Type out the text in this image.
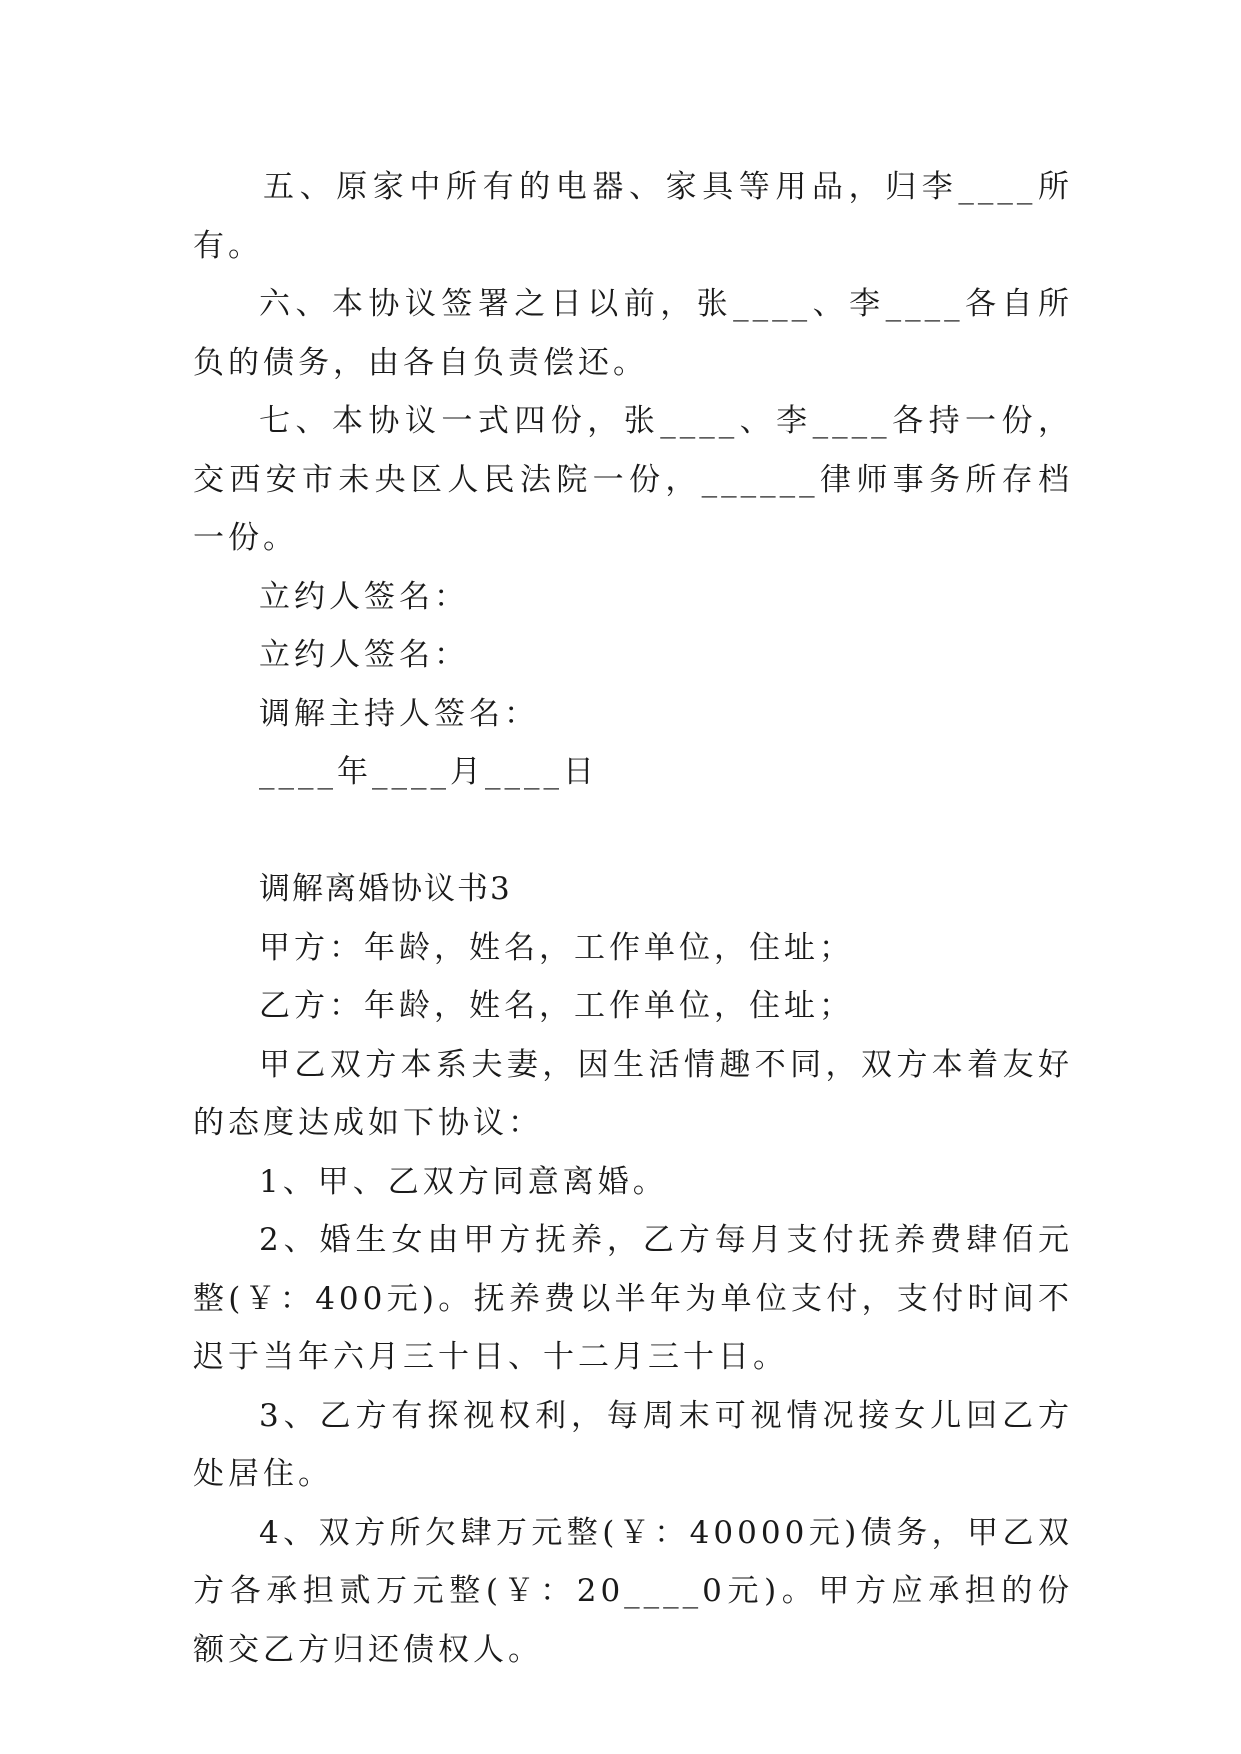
五、原家中所有的电器、家具等用品，归李____所有。

六、本协议签署之日以前，张____、李____各自所负的债务，由各自负责偿还。

七、本协议一式四份，张____、李____各持一份，交西安市未央区人民法院一份，______律师事务所存档一份。

立约人签名：

立约人签名：

调解主持人签名：

____年____月____日

调解离婚协议书3

甲方：年龄，姓名，工作单位，住址；

乙方：年龄，姓名，工作单位，住址；

甲乙双方本系夫妻，因生活情趣不同，双方本着友好的态度达成如下协议：

1、甲、乙双方同意离婚。

2、婚生女由甲方抚养，乙方每月支付抚养费肆佰元整(￥：400元)。抚养费以半年为单位支付，支付时间不迟于当年六月三十日、十二月三十日。

3、乙方有探视权利，每周末可视情况接女儿回乙方处居住。

4、双方所欠肆万元整(￥：40000元)债务，甲乙双方各承担贰万元整(￥：20____0元)。甲方应承担的份额交乙方归还债权人。
